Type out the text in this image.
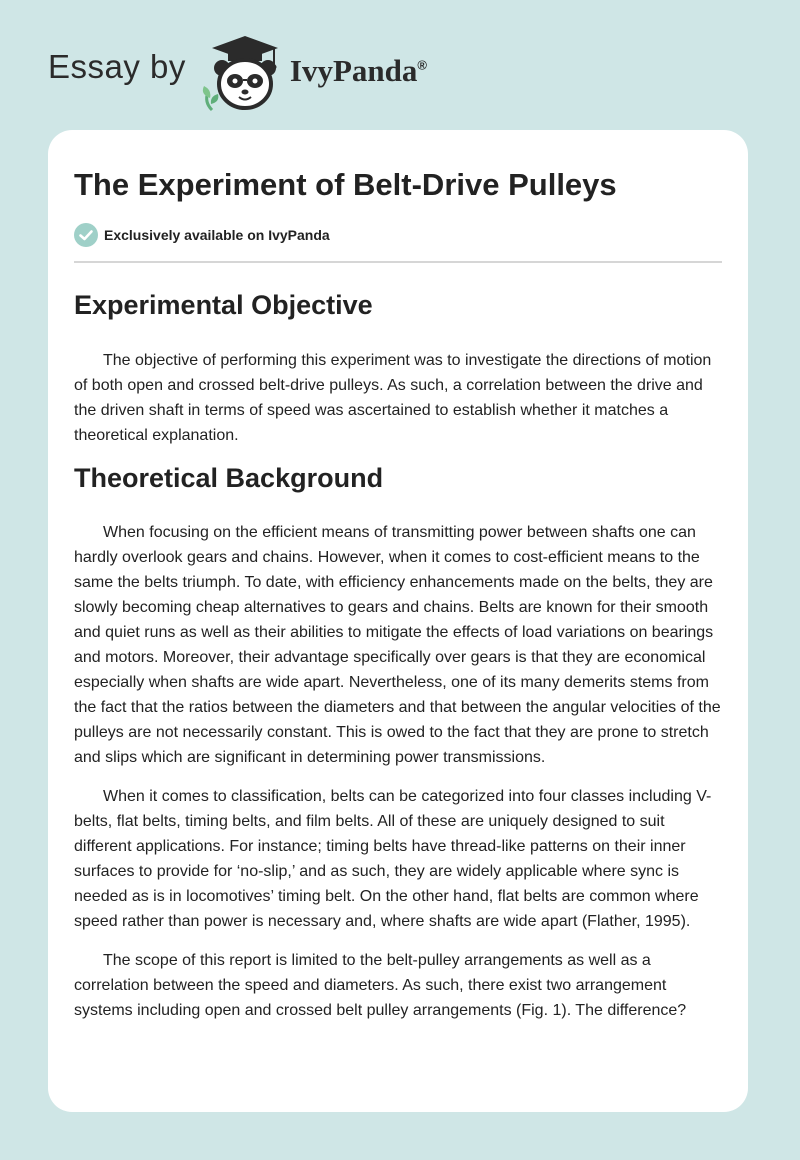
Essay by	IvyPanda®
The Experiment of Belt-Drive Pulleys
Exclusively available on IvyPanda
Experimental Objective

The objective of performing this experiment was to investigate the directions of motion of both open and crossed belt-drive pulleys. As such, a correlation between the drive and the driven shaft in terms of speed was ascertained to establish whether it matches a theoretical explanation.

Theoretical Background

When focusing on the efficient means of transmitting power between shafts one can hardly overlook gears and chains. However, when it comes to cost-efficient means to the same the belts triumph. To date, with efficiency enhancements made on the belts, they are slowly becoming cheap alternatives to gears and chains. Belts are known for their smooth and quiet runs as well as their abilities to mitigate the effects of load variations on bearings and motors. Moreover, their advantage specifically over gears is that they are economical especially when shafts are wide apart. Nevertheless, one of its many demerits stems from the fact that the ratios between the diameters and that between the angular velocities of the pulleys are not necessarily constant. This is owed to the fact that they are prone to stretch and slips which are significant in determining power transmissions.

When it comes to classification, belts can be categorized into four classes including V-belts, flat belts, timing belts, and film belts. All of these are uniquely designed to suit different applications. For instance; timing belts have thread-like patterns on their inner surfaces to provide for ‘no-slip,’ and as such, they are widely applicable where sync is needed as is in locomotives’ timing belt. On the other hand, flat belts are common where speed rather than power is necessary and, where shafts are wide apart (Flather, 1995).

The scope of this report is limited to the belt-pulley arrangements as well as a correlation between the speed and diameters. As such, there exist two arrangement systems including open and crossed belt pulley arrangements (Fig. 1). The difference?
